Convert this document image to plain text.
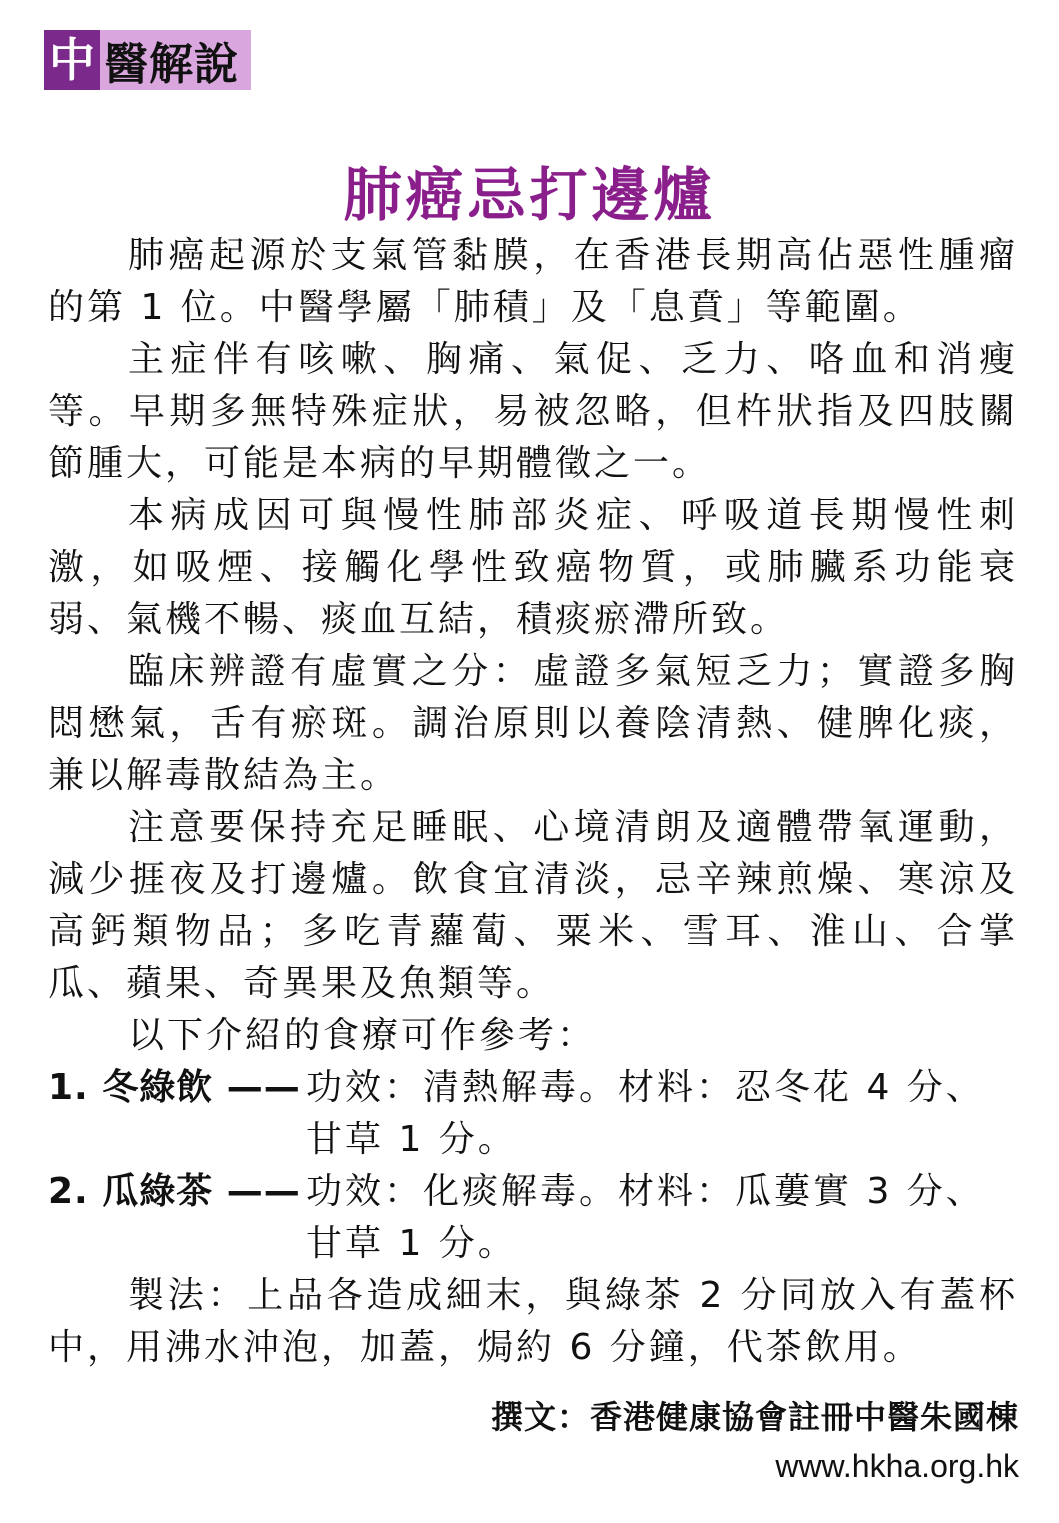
中 醫解說
肺癌忌打邊爐

肺癌起源於支氣管黏膜，在香港長期高佔惡性腫瘤的第 1 位。中醫學屬「肺積」及「息賁」等範圍。

主症伴有咳嗽、胸痛、氣促、乏力、咯血和消瘦等。早期多無特殊症狀，易被忽略，但杵狀指及四肢關節腫大，可能是本病的早期體徵之一。

本病成因可與慢性肺部炎症、呼吸道長期慢性刺激，如吸煙、接觸化學性致癌物質，或肺臟系功能衰弱、氣機不暢、痰血互結，積痰瘀滯所致。

臨床辨證有虛實之分：虛證多氣短乏力；實證多胸悶懋氣，舌有瘀斑。調治原則以養陰清熱、健脾化痰，兼以解毒散結為主。

注意要保持充足睡眠、心境清朗及適體帶氧運動，減少捱夜及打邊爐。飲食宜清淡，忌辛辣煎燥、寒涼及高鈣類物品；多吃青蘿蔔、粟米、雪耳、淮山、合掌瓜、蘋果、奇異果及魚類等。

以下介紹的食療可作參考：

1. 冬綠飲 —— 功效：清熱解毒。材料：忍冬花 4 分、甘草 1 分。
2. 瓜綠茶 —— 功效：化痰解毒。材料：瓜蔞實 3 分、甘草 1 分。

製法：上品各造成細末，與綠茶 2 分同放入有蓋杯中，用沸水沖泡，加蓋，焗約 6 分鐘，代茶飲用。

撰文：香港健康協會註冊中醫朱國棟
www.hkha.org.hk
